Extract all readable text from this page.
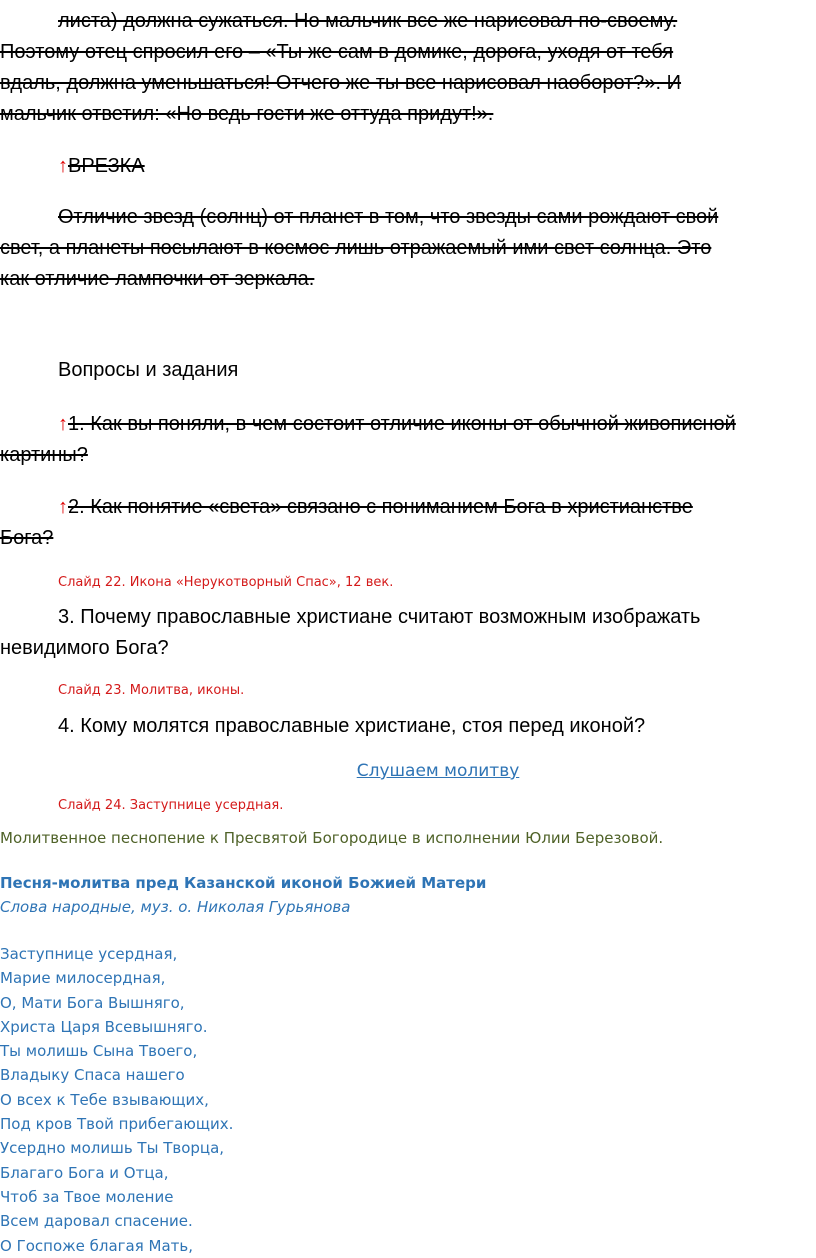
листа) должна сужаться. Но мальчик все же нарисовал по-своему.

Поэтому отец спросил его – «Ты же сам в домике, дорога, уходя от тебя

вдаль, должна уменьшаться! Отчего же ты все нарисовал наоборот?». И

мальчик ответил: «Но ведь гости же оттуда придут!».

↑ВРЕЗКА

Отличие звезд (солнц) от планет в том, что звезды сами рождают свой

свет, а планеты посылают в космос лишь отражаемый ими свет солнца. Это

как отличие лампочки от зеркала.

Вопросы и задания

↑1. Как вы поняли, в чем состоит отличие иконы от обычной живописной

картины?

↑2. Как понятие «света» связано с пониманием Бога в христианстве

Бога?

Слайд 22. Икона «Нерукотворный Спас», 12 век.

3. Почему православные христиане считают возможным изображать

невидимого Бога?

Слайд 23. Молитва, иконы.

4. Кому молятся православные христиане, стоя перед иконой?

Слушаем молитву

Слайд 24. Заступнице усердная.

Молитвенное песнопение к Пресвятой Богородице в исполнении Юлии Березовой.

Песня-молитва пред Казанской иконой Божией Матери

Слова народные, муз. о. Николая Гурьянова

Заступнице усердная,
Марие милосердная,
О, Мати Бога Вышняго,
Христа Царя Всевышняго.
Ты молишь Сына Твоего,
Владыку Спаса нашего
О всех к Тебе взывающих,
Под кров Твой прибегающих.
Усердно молишь Ты Творца,
Благаго Бога и Отца,
Чтоб за Твое моление
Всем даровал спасение.
О Госпоже благая Мать,
